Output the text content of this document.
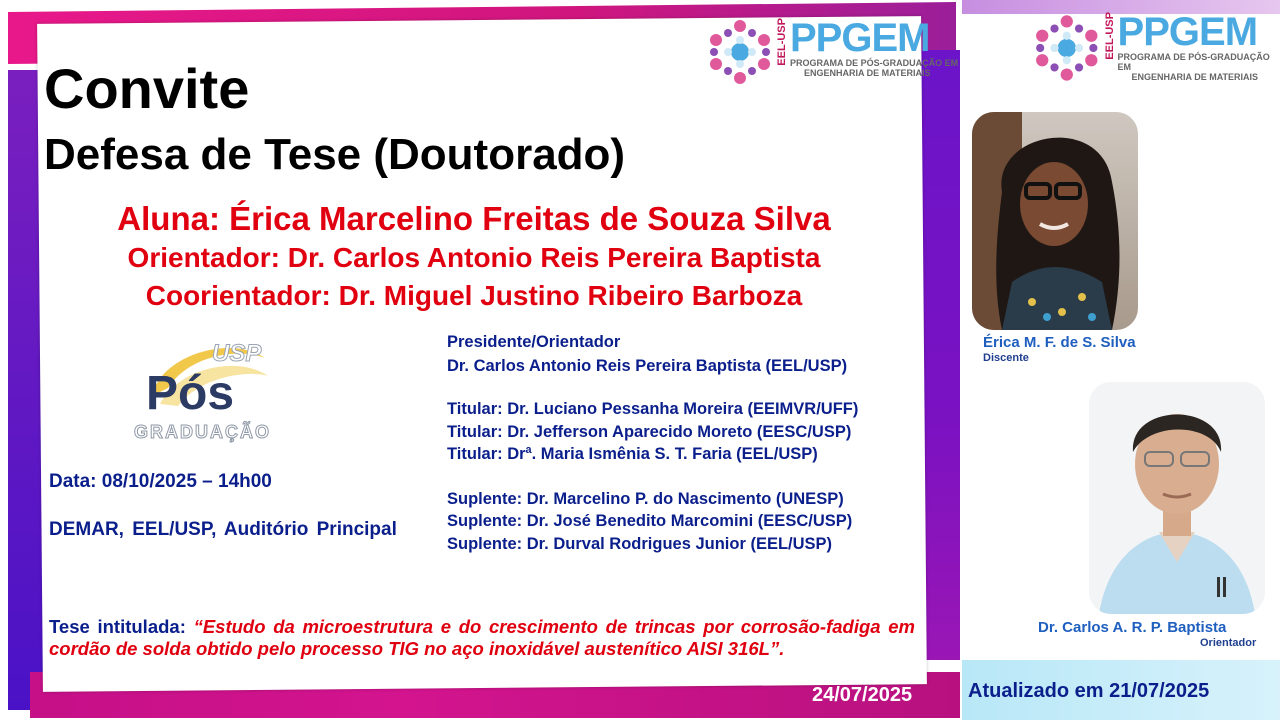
EEL-USP PPGEM
PROGRAMA DE PÓS-GRADUAÇÃO EM
ENGENHARIA DE MATERIAIS
EEL-USP PPGEM
PROGRAMA DE PÓS-GRADUAÇÃO EM
ENGENHARIA DE MATERIAIS
Convite
Defesa de Tese (Doutorado)
Aluna: Érica Marcelino Freitas de Souza Silva
Orientador: Dr. Carlos Antonio Reis Pereira Baptista
Coorientador: Dr. Miguel Justino Ribeiro Barboza
USP
Pós
GRADUAÇÃO
Data: 08/10/2025 – 14h00
DEMAR, EEL/USP, Auditório Principal
Presidente/Orientador
Dr. Carlos Antonio Reis Pereira Baptista (EEL/USP)
Titular: Dr. Luciano Pessanha Moreira (EEIMVR/UFF)
Titular: Dr. Jefferson Aparecido Moreto (EESC/USP)
Titular: Drª. Maria Ismênia S. T. Faria (EEL/USP)
Suplente: Dr. Marcelino P. do Nascimento (UNESP)
Suplente: Dr. José Benedito Marcomini (EESC/USP)
Suplente: Dr. Durval Rodrigues Junior (EEL/USP)
Tese intitulada: “Estudo da microestrutura e do crescimento de trincas por corrosão-fadiga em cordão de solda obtido pelo processo TIG no aço inoxidável austenítico AISI 316L”.
24/07/2025	Atualizado em 21/07/2025
Érica M. F. de S. Silva
Discente
Dr. Carlos A. R. P. Baptista
Orientador
